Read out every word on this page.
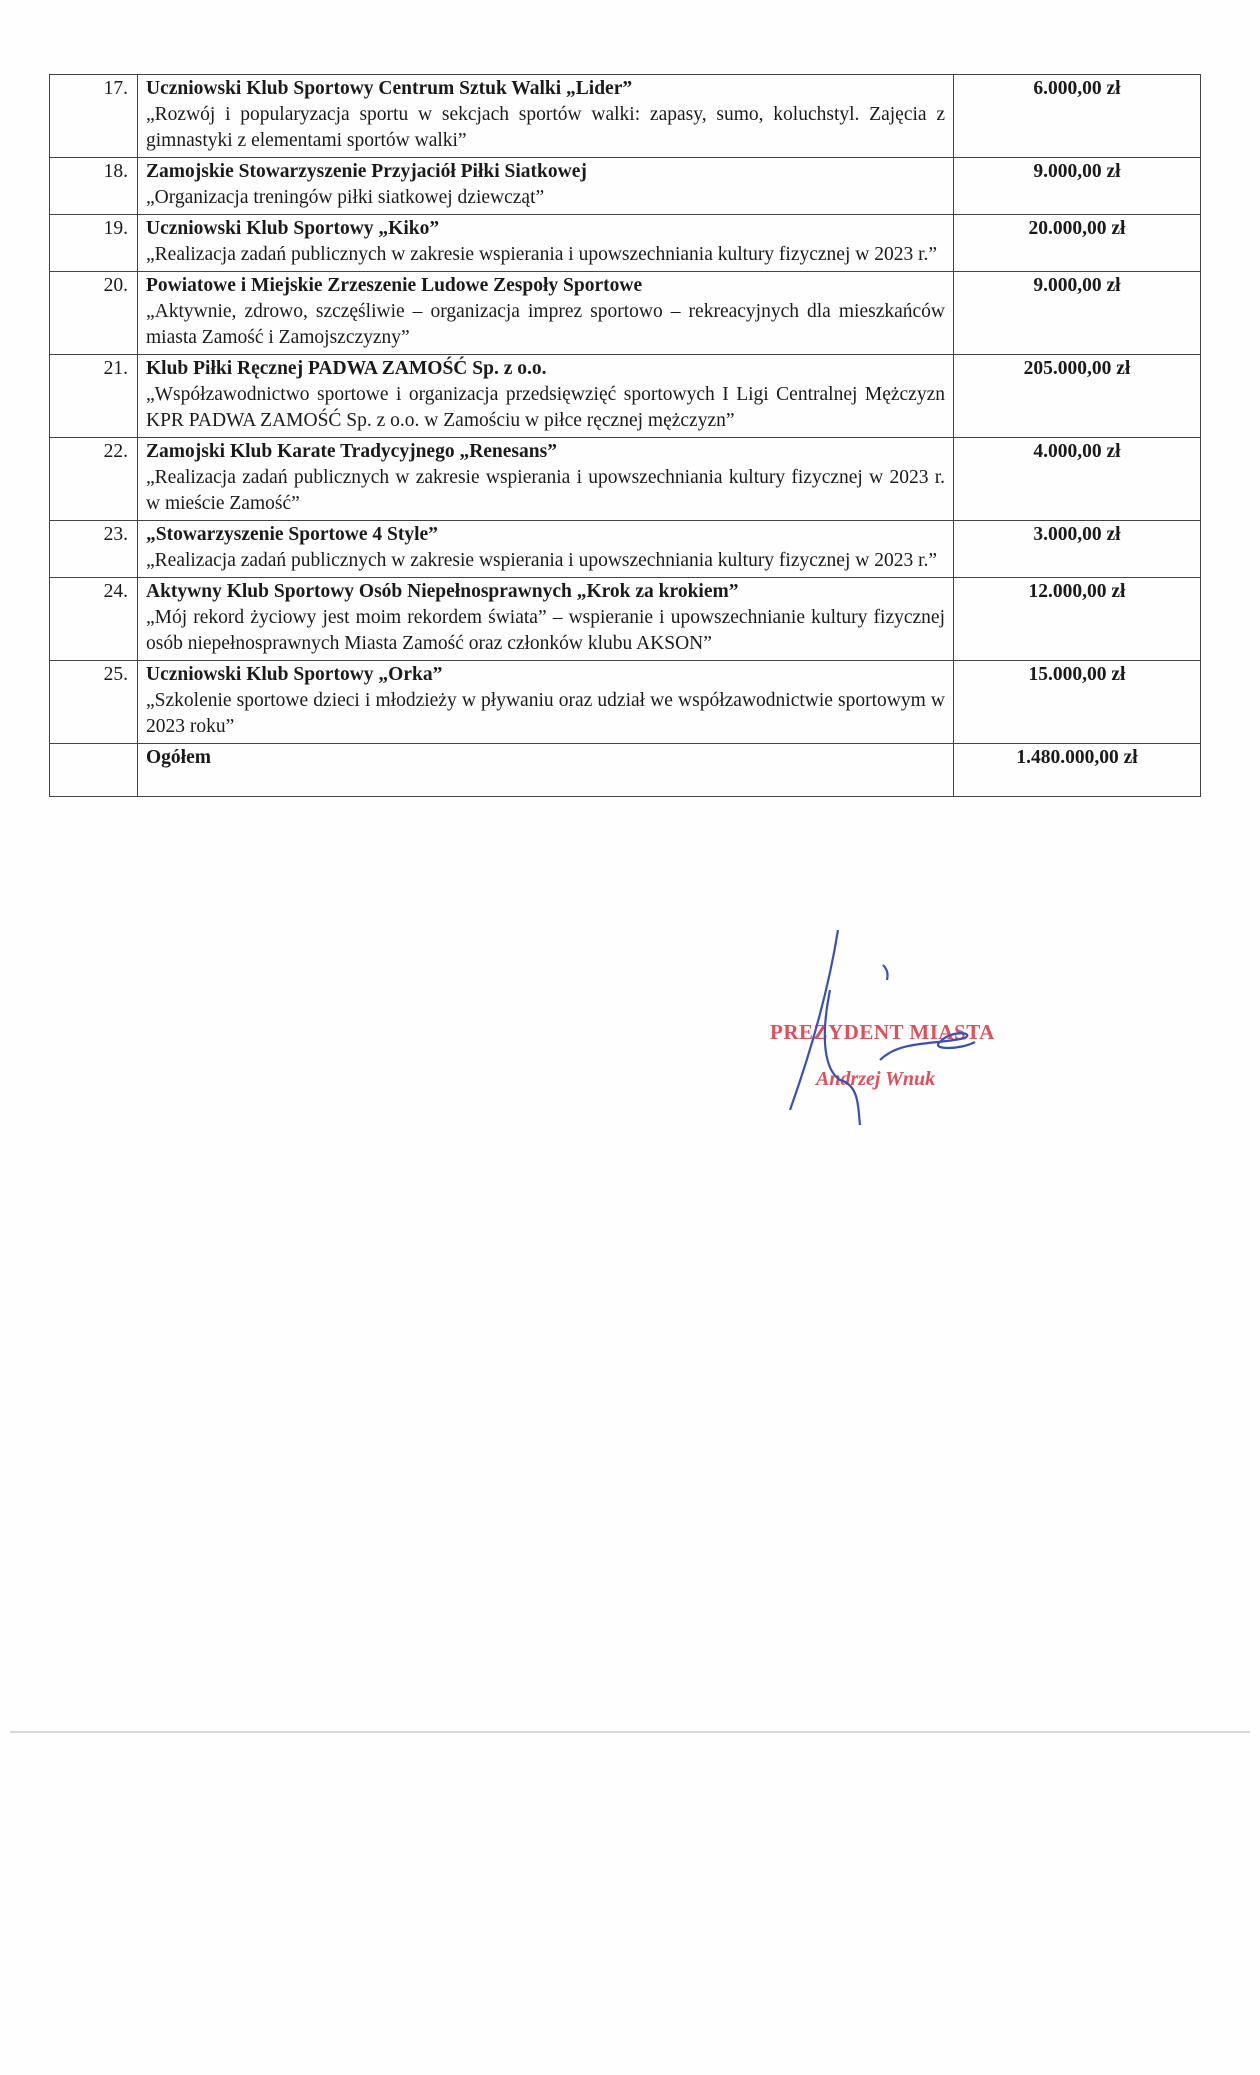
17.	Uczniowski Klub Sportowy Centrum Sztuk Walki „Lider”
„Rozwój i popularyzacja sportu w sekcjach sportów walki: zapasy, sumo, koluchstyl. Zajęcia z gimnastyki z elementami sportów walki”	6.000,00 zł
18.	Zamojskie Stowarzyszenie Przyjaciół Piłki Siatkowej
„Organizacja treningów piłki siatkowej dziewcząt”	9.000,00 zł
19.	Uczniowski Klub Sportowy „Kiko”
„Realizacja zadań publicznych w zakresie wspierania i upowszechniania kultury fizycznej w 2023 r.”	20.000,00 zł
20.	Powiatowe i Miejskie Zrzeszenie Ludowe Zespoły Sportowe
„Aktywnie, zdrowo, szczęśliwie – organizacja imprez sportowo – rekreacyjnych dla mieszkańców miasta Zamość i Zamojszczyzny”	9.000,00 zł
21.	Klub Piłki Ręcznej PADWA ZAMOŚĆ Sp. z o.o.
„Współzawodnictwo sportowe i organizacja przedsięwzięć sportowych I Ligi Centralnej Mężczyzn KPR PADWA ZAMOŚĆ Sp. z o.o. w Zamościu w piłce ręcznej mężczyzn”	205.000,00 zł
22.	Zamojski Klub Karate Tradycyjnego „Renesans”
„Realizacja zadań publicznych w zakresie wspierania i upowszechniania kultury fizycznej w 2023 r. w mieście Zamość”	4.000,00 zł
23.	„Stowarzyszenie Sportowe 4 Style”
„Realizacja zadań publicznych w zakresie wspierania i upowszechniania kultury fizycznej w 2023 r.”	3.000,00 zł
24.	Aktywny Klub Sportowy Osób Niepełnosprawnych „Krok za krokiem”
„Mój rekord życiowy jest moim rekordem świata” – wspieranie i upowszechnianie kultury fizycznej osób niepełnosprawnych Miasta Zamość oraz członków klubu AKSON”	12.000,00 zł
25.	Uczniowski Klub Sportowy „Orka”
„Szkolenie sportowe dzieci i młodzieży w pływaniu oraz udział we współzawodnictwie sportowym w 2023 roku”	15.000,00 zł

	Ogółem	1.480.000,00 zł
PREZYDENT MIASTA
Andrzej Wnuk
